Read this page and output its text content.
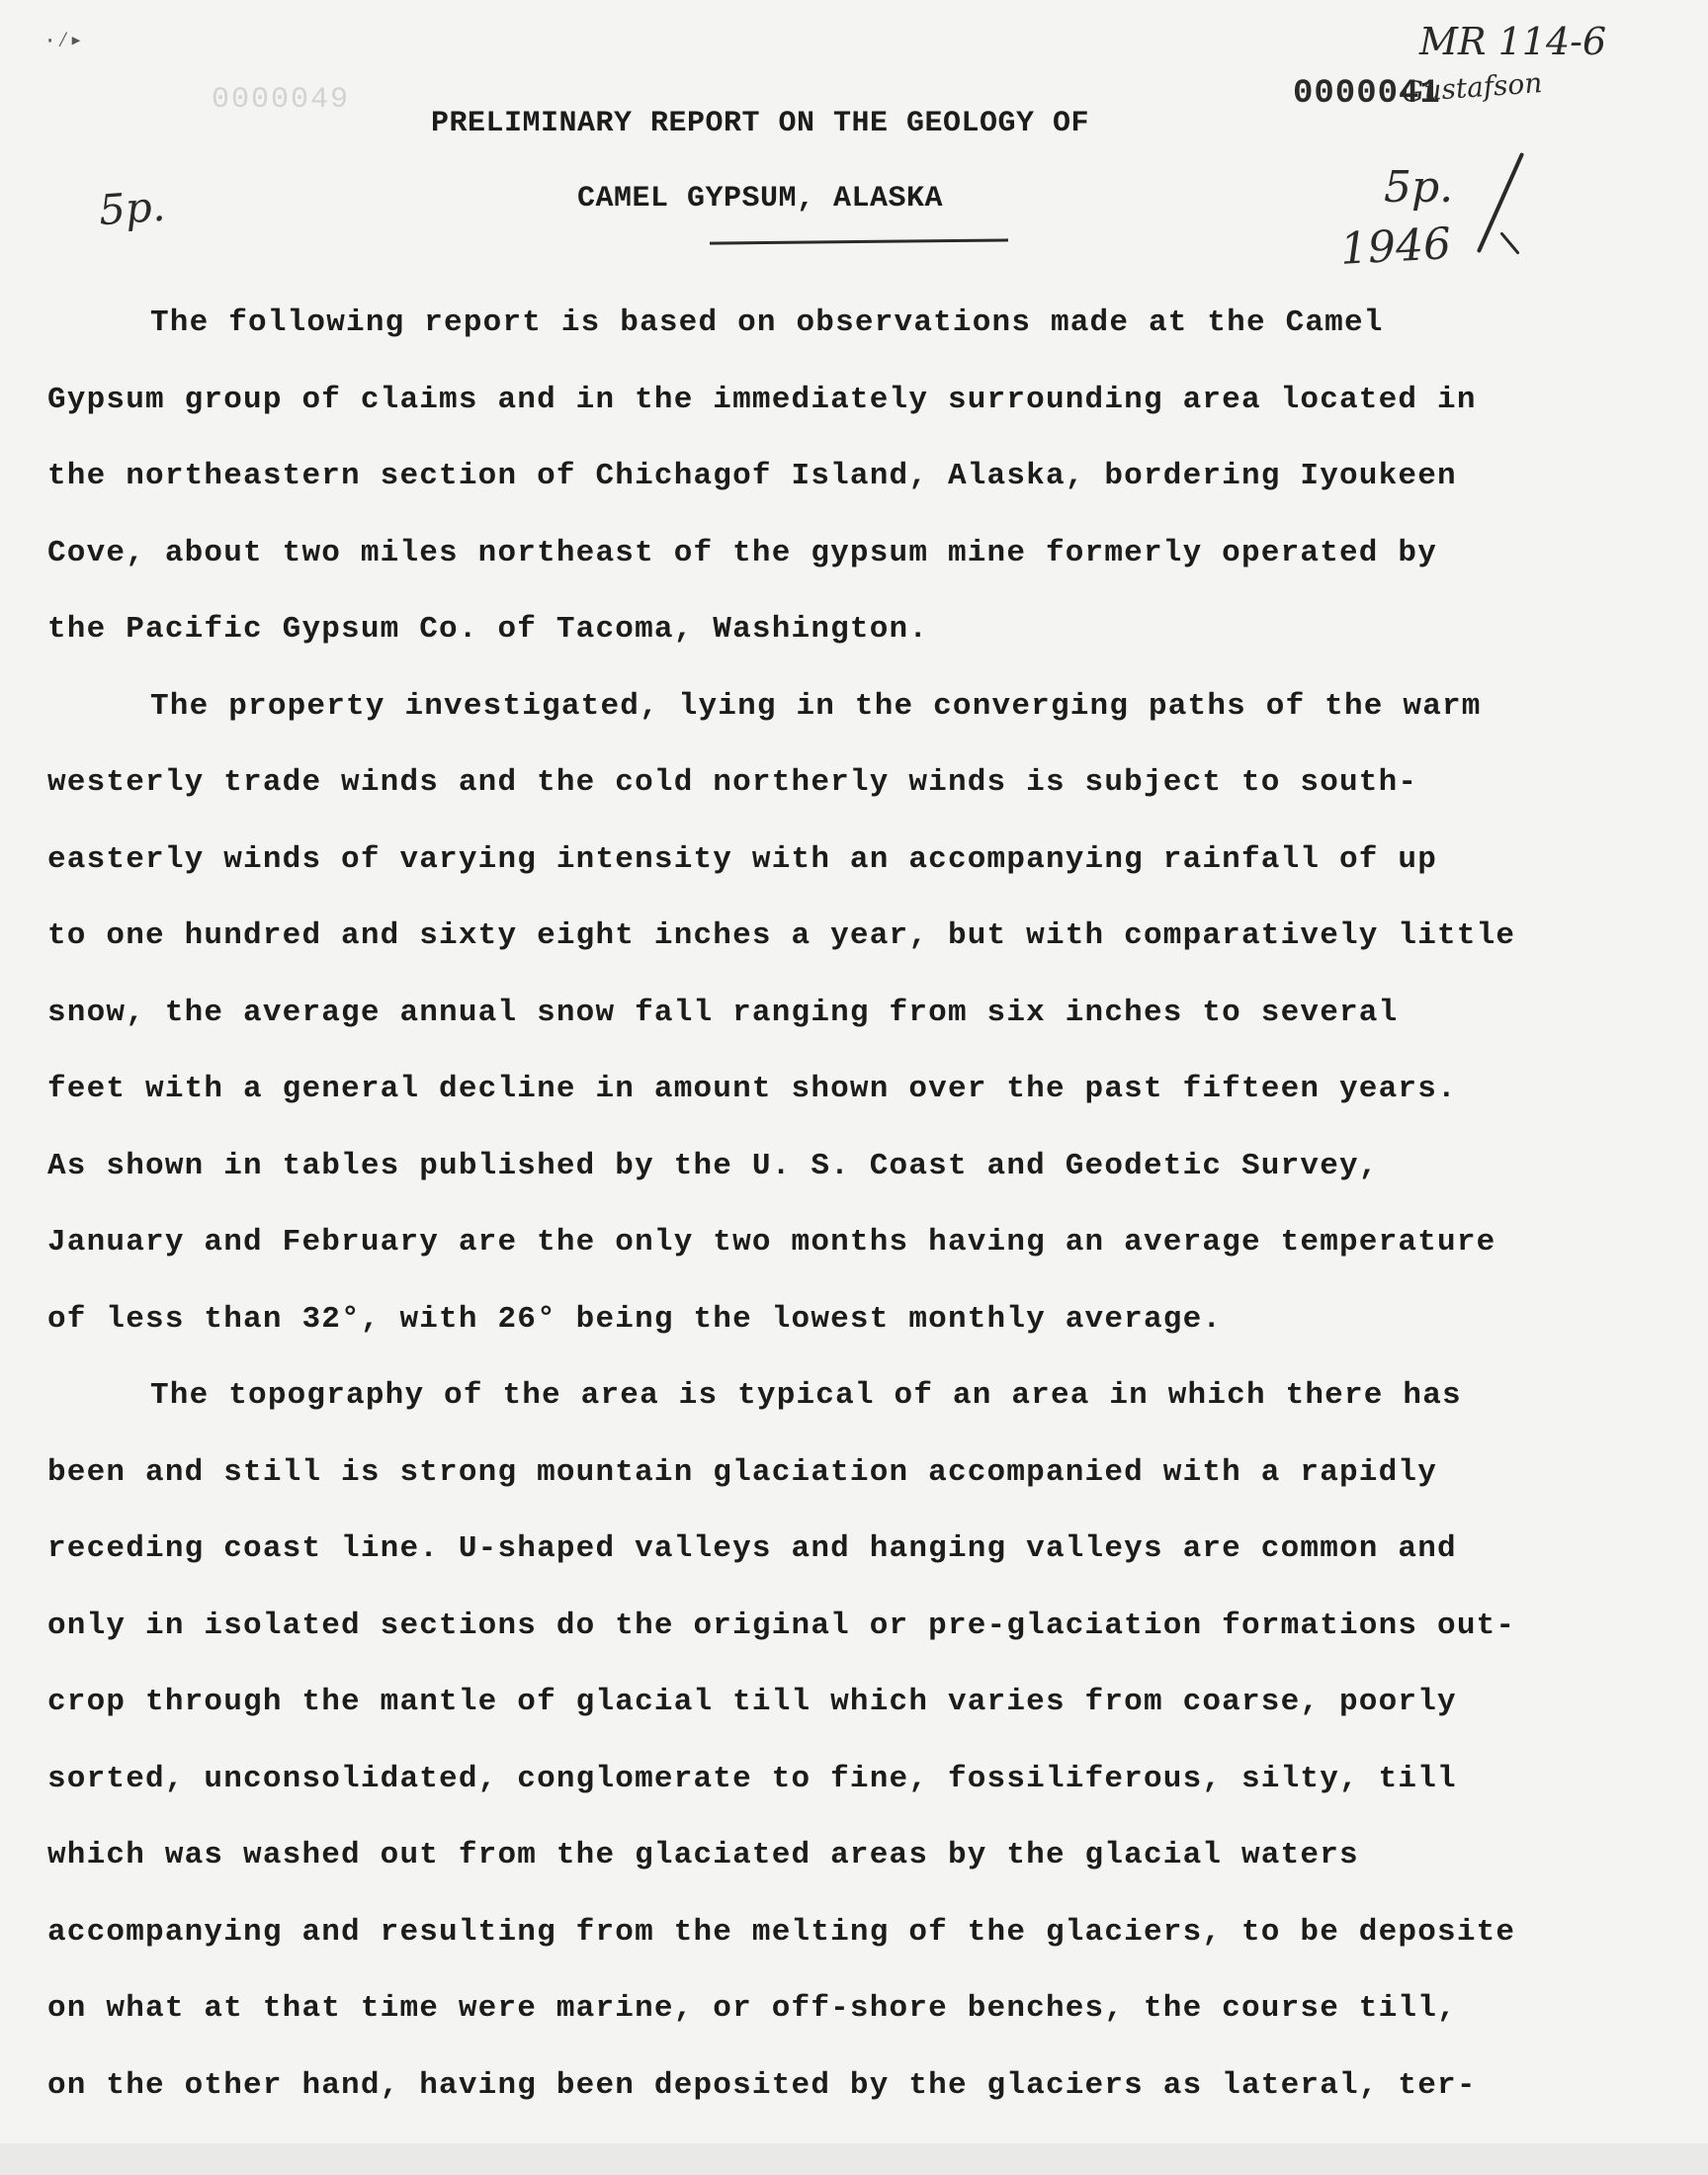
·⁄▸
0000049
MR 114-6
0000041
Gustafson
5p.	5p.
1946
PRELIMINARY REPORT ON THE GEOLOGY OF
CAMEL GYPSUM, ALASKA
The following report is based on observations made at the Camel
Gypsum group of claims and in the immediately surrounding area located in
the northeastern section of Chichagof Island, Alaska, bordering Iyoukeen
Cove, about two miles northeast of the gypsum mine formerly operated by
the Pacific Gypsum Co. of Tacoma, Washington.
The property investigated, lying in the converging paths of the warm
westerly trade winds and the cold northerly winds is subject to south-
easterly winds of varying intensity with an accompanying rainfall of up
to one hundred and sixty eight inches a year, but with comparatively little
snow, the average annual snow fall ranging from six inches to several
feet with a general decline in amount shown over the past fifteen years.
As shown in tables published by the U. S. Coast and Geodetic Survey,
January and February are the only two months having an average temperature
of less than 32°, with 26° being the lowest monthly average.
The topography of the area is typical of an area in which there has
been and still is strong mountain glaciation accompanied with a rapidly
receding coast line. U-shaped valleys and hanging valleys are common and
only in isolated sections do the original or pre-glaciation formations out-
crop through the mantle of glacial till which varies from coarse, poorly
sorted, unconsolidated, conglomerate to fine, fossiliferous, silty, till
which was washed out from the glaciated areas by the glacial waters
accompanying and resulting from the melting of the glaciers, to be deposite
on what at that time were marine, or off-shore benches, the course till,
on the other hand, having been deposited by the glaciers as lateral, ter-
